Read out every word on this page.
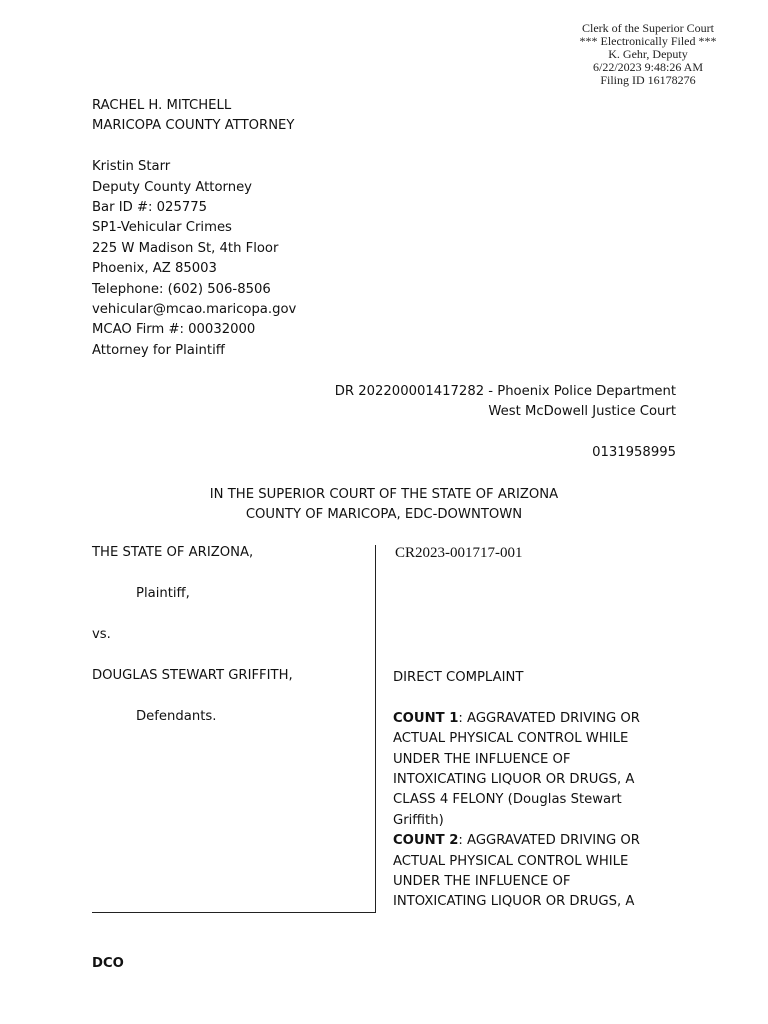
Clerk of the Superior Court
*** Electronically Filed ***
K. Gehr, Deputy
6/22/2023 9:48:26 AM
Filing ID 16178276
RACHEL H. MITCHELL
MARICOPA COUNTY ATTORNEY
Kristin Starr
Deputy County Attorney
Bar ID #: 025775
SP1-Vehicular Crimes
225 W Madison St, 4th Floor
Phoenix, AZ 85003
Telephone: (602) 506-8506
vehicular@mcao.maricopa.gov
MCAO Firm #: 00032000
Attorney for Plaintiff
DR 202200001417282 - Phoenix Police Department
West McDowell Justice Court
0131958995
IN THE SUPERIOR COURT OF THE STATE OF ARIZONA
COUNTY OF MARICOPA, EDC-DOWNTOWN
THE STATE OF ARIZONA,
Plaintiff,
vs.
DOUGLAS STEWART GRIFFITH,
Defendants.
CR2023-001717-001
DIRECT COMPLAINT
COUNT 1: AGGRAVATED DRIVING OR
ACTUAL PHYSICAL CONTROL WHILE
UNDER THE INFLUENCE OF
INTOXICATING LIQUOR OR DRUGS, A
CLASS 4 FELONY (Douglas Stewart
Griffith)
COUNT 2: AGGRAVATED DRIVING OR
ACTUAL PHYSICAL CONTROL WHILE
UNDER THE INFLUENCE OF
INTOXICATING LIQUOR OR DRUGS, A
DCO
